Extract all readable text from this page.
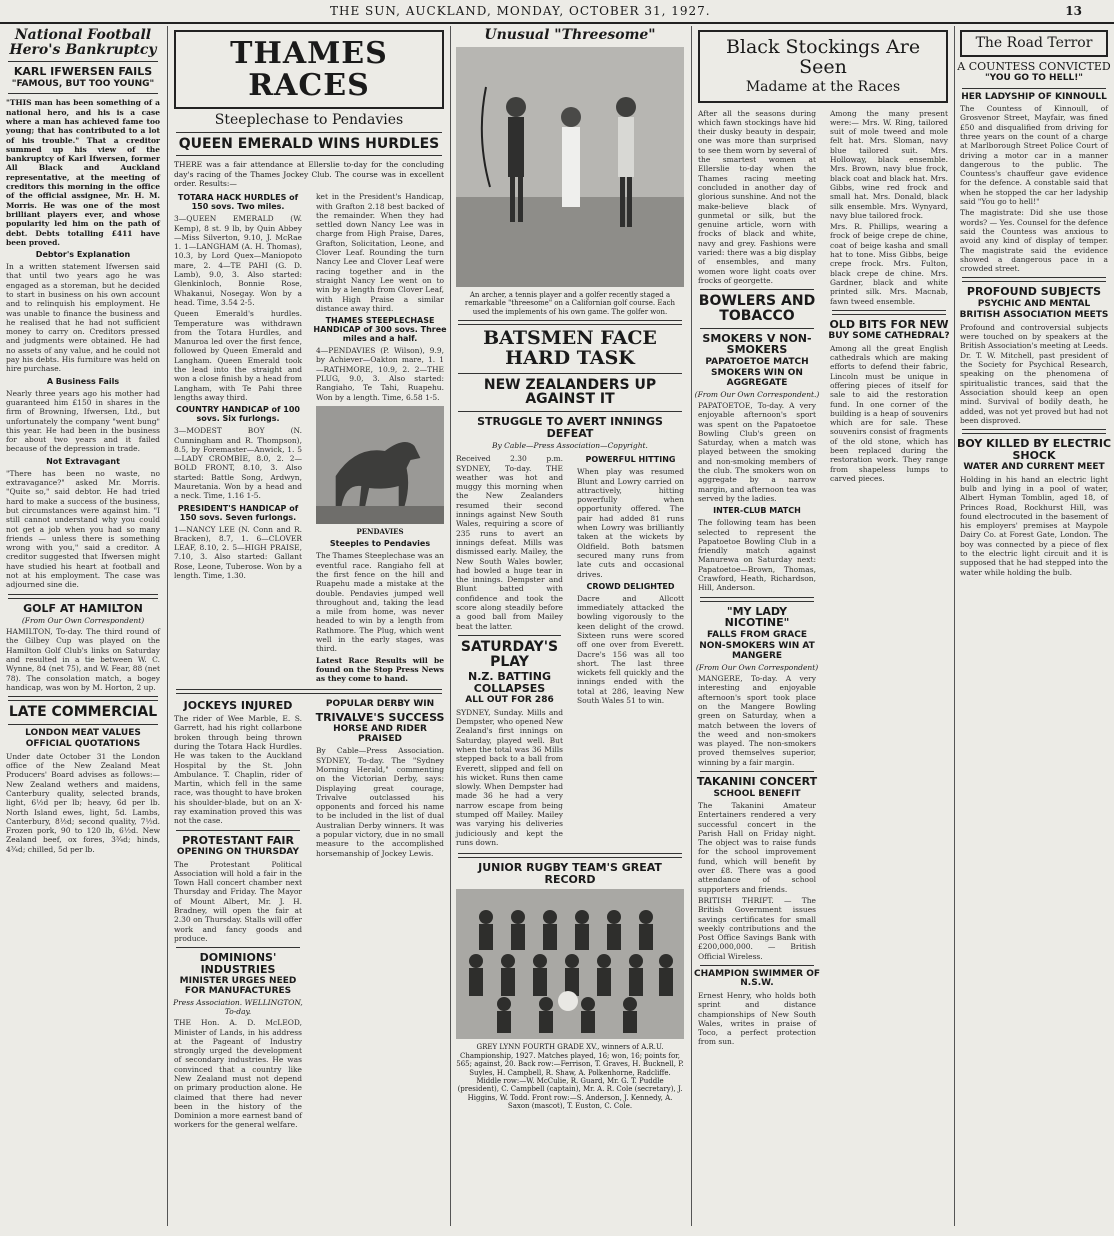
THE SUN, AUCKLAND, MONDAY, OCTOBER 31, 1927.	13
National Football Hero's Bankruptcy
KARL IFWERSEN FAILS
"FAMOUS, BUT TOO YOUNG"
"THIS man has been something of a national hero, and his is a case where a man has achieved fame too young; that has contributed to a lot of his trouble." That a creditor summed up his view of the bankruptcy of Karl Ifwersen, former All Black and Auckland representative, at the meeting of creditors this morning in the office of the official assignee, Mr. H. M. Morris. He was one of the most brilliant players ever, and whose popularity led him on the path of debt. Debts totalling £411 have been proved.
Debtor's Explanation
In a written statement Ifwersen said that until two years ago he was engaged as a storeman, but he decided to start in business on his own account and to relinquish his employment. He was unable to finance the business and he realised that he had not sufficient money to carry on. Creditors pressed and judgments were obtained. He had no assets of any value, and he could not pay his debts. His furniture was held on hire purchase.
A Business Fails
Nearly three years ago his mother had guaranteed him £150 in shares in the firm of Browning, Ifwersen, Ltd., but unfortunately the company "went bung" this year. He had been in the business for about two years and it failed because of the depression in trade.
Not Extravagant
"There has been no waste, no extravagance?" asked Mr. Morris. "Quite so," said debtor. He had tried hard to make a success of the business, but circumstances were against him. "I still cannot understand why you could not get a job when you had so many friends — unless there is something wrong with you," said a creditor. A creditor suggested that Ifwersen might have studied his heart at football and not at his employment. The case was adjourned sine die.
GOLF AT HAMILTON
(From Our Own Correspondent)
HAMILTON, To-day. The third round of the Gilbey Cup was played on the Hamilton Golf Club's links on Saturday and resulted in a tie between W. C. Wynne, 84 (net 75), and W. Fear, 88 (net 78). The consolation match, a bogey handicap, was won by M. Horton, 2 up.
LATE COMMERCIAL
LONDON MEAT VALUES
OFFICIAL QUOTATIONS
Under date October 31 the London office of the New Zealand Meat Producers' Board advises as follows:— New Zealand wethers and maidens, Canterbury quality, selected brands, light, 6½d per lb; heavy, 6d per lb. North Island ewes, light, 5d. Lambs, Canterbury, 8½d; second quality, 7½d. Frozen pork, 90 to 120 lb, 6½d. New Zealand beef, ox fores, 3¾d; hinds, 4¾d; chilled, 5d per lb.
THAMES RACES
Steeplechase to Pendavies
QUEEN EMERALD WINS HURDLES
THERE was a fair attendance at Ellerslie to-day for the concluding day's racing of the Thames Jockey Club. The course was in excellent order. Results:—
TOTARA HACK HURDLES of 150 sovs. Two miles.
3—QUEEN EMERALD (W. Kemp), 8 st. 9 lb, by Quin Abbey—Miss Silverton, 9.10, J. McRae 1. 1—LANGHAM (A. H. Thomas), 10.3, by Lord Quex—Maniopoto mare, 2. 4—TE PAHI (G. D. Lamb), 9.0, 3. Also started: Glenkinloch, Bonnie Rose, Whakanui, Nosegay. Won by a head. Time, 3.54 2-5.
Queen Emerald's hurdles. Temperature was withdrawn from the Totara Hurdles, and Manuroa led over the first fence, followed by Queen Emerald and Langham. Queen Emerald took the lead into the straight and won a close finish by a head from Langham, with Te Pahi three lengths away third.
COUNTRY HANDICAP of 100 sovs. Six furlongs.
3—MODEST BOY (N. Cunningham and R. Thompson), 8.5, by Foremaster—Anwick, 1. 5—LADY CROMBIE, 8.0, 2. 2—BOLD FRONT, 8.10, 3. Also started: Battle Song, Ardwyn, Mauretania. Won by a head and a neck. Time, 1.16 1-5.
PRESIDENT'S HANDICAP of 150 sovs. Seven furlongs.
1—NANCY LEE (N. Conn and R. Bracken), 8.7, 1. 6—CLOVER LEAF, 8.10, 2. 5—HIGH PRAISE, 7.10, 3. Also started: Gallant Rose, Leone, Tuberose. Won by a length. Time, 1.30.
ket in the President's Handicap, with Grafton 2.18 best backed of the remainder. When they had settled down Nancy Lee was in charge from High Praise, Dares, Grafton, Solicitation, Leone, and Clover Leaf. Rounding the turn Nancy Lee and Clover Leaf were racing together and in the straight Nancy Lee went on to win by a length from Clover Leaf, with High Praise a similar distance away third.
THAMES STEEPLECHASE HANDICAP of 300 sovs. Three miles and a half.
4—PENDAVIES (P. Wilson), 9.9, by Achiever—Oakton mare, 1. 1—RATHMORE, 10.9, 2. 2—THE PLUG, 9.0, 3. Also started: Rangiaho, Te Tahi, Ruapehu. Won by a length. Time, 6.58 1-5.
PENDAVIES
Steeples to Pendavies
The Thames Steeplechase was an eventful race. Rangiaho fell at the first fence on the hill and Ruapehu made a mistake at the double. Pendavies jumped well throughout and, taking the lead a mile from home, was never headed to win by a length from Rathmore. The Plug, which went well in the early stages, was third.
Latest Race Results will be found on the Stop Press News as they come to hand.
JOCKEYS INJURED
The rider of Wee Marble, E. S. Garrett, had his right collarbone broken through being thrown during the Totara Hack Hurdles. He was taken to the Auckland Hospital by the St. John Ambulance. T. Chaplin, rider of Martin, which fell in the same race, was thought to have broken his shoulder-blade, but on an X-ray examination proved this was not the case.
PROTESTANT FAIR
OPENING ON THURSDAY
The Protestant Political Association will hold a fair in the Town Hall concert chamber next Thursday and Friday. The Mayor of Mount Albert, Mr. J. H. Bradney, will open the fair at 2.30 on Thursday. Stalls will offer work and fancy goods and produce.
DOMINIONS' INDUSTRIES
MINISTER URGES NEED FOR MANUFACTURES
Press Association. WELLINGTON, To-day.
THE Hon. A. D. McLEOD, Minister of Lands, in his address at the Pageant of Industry strongly urged the development of secondary industries. He was convinced that a country like New Zealand must not depend on primary production alone. He claimed that there had never been in the history of the Dominion a more earnest band of workers for the general welfare.
POPULAR DERBY WIN
TRIVALVE'S SUCCESS
HORSE AND RIDER PRAISED
By Cable—Press Association. SYDNEY, To-day. The "Sydney Morning Herald," commenting on the Victorian Derby, says: Displaying great courage, Trivalve outclassed his opponents and forced his name to be included in the list of dual Australian Derby winners. It was a popular victory, due in no small measure to the accomplished horsemanship of Jockey Lewis.
Unusual "Threesome"
An archer, a tennis player and a golfer recently staged a remarkable "threesome" on a Californian golf course. Each used the implements of his own game. The golfer won.
BATSMEN FACE HARD TASK
NEW ZEALANDERS UP AGAINST IT
STRUGGLE TO AVERT INNINGS DEFEAT
By Cable—Press Association—Copyright.
Received 2.30 p.m. SYDNEY, To-day. THE weather was hot and muggy this morning when the New Zealanders resumed their second innings against New South Wales, requiring a score of 235 runs to avert an innings defeat. Mills was dismissed early. Mailey, the New South Wales bowler, had bowled a huge tear in the innings. Dempster and Blunt batted with confidence and took the score along steadily before a good ball from Mailey beat the latter.
SATURDAY'S PLAY
N.Z. BATTING COLLAPSES
ALL OUT FOR 286
SYDNEY, Sunday. Mills and Dempster, who opened New Zealand's first innings on Saturday, played well. But when the total was 36 Mills stepped back to a ball from Everett, slipped and fell on his wicket. Runs then came slowly. When Dempster had made 36 he had a very narrow escape from being stumped off Mailey. Mailey was varying his deliveries judiciously and kept the runs down.
POWERFUL HITTING
When play was resumed Blunt and Lowry carried on attractively, hitting powerfully when opportunity offered. The pair had added 81 runs when Lowry was brilliantly taken at the wickets by Oldfield. Both batsmen secured many runs from late cuts and occasional drives.
CROWD DELIGHTED
Dacre and Allcott immediately attacked the bowling vigorously to the keen delight of the crowd. Sixteen runs were scored off one over from Everett. Dacre's 156 was all too short. The last three wickets fell quickly and the innings ended with the total at 286, leaving New South Wales 51 to win.
JUNIOR RUGBY TEAM'S GREAT RECORD
GREY LYNN FOURTH GRADE XV., winners of A.R.U. Championship, 1927. Matches played, 16; won, 16; points for, 565; against, 20. Back row:—Ferrison, T. Graves, H. Bucknell, P. Suyles, H. Campbell, R. Shaw, A. Polkenhorne, Radcliffe. Middle row:—W. McCulie, R. Guard, Mr. G. T. Puddle (president), C. Campbell (captain), Mr. A. R. Cole (secretary), J. Higgins, W. Todd. Front row:—S. Anderson, J. Kennedy, A. Saxon (mascot), T. Euston, C. Cole.
Black Stockings Are Seen
Madame at the Races
After all the seasons during which fawn stockings have hid their dusky beauty in despair, one was more than surprised to see them worn by several of the smartest women at Ellerslie to-day when the Thames racing meeting concluded in another day of glorious sunshine. And not the make-believe black of gunmetal or silk, but the genuine article, worn with frocks of black and white, navy and grey. Fashions were varied: there was a big display of ensembles, and many women wore light coats over frocks of georgette.
BOWLERS AND TOBACCO
SMOKERS V NON-SMOKERS
PAPATOETOE MATCH
SMOKERS WIN ON AGGREGATE
(From Our Own Correspondent.)
PAPATOETOE, To-day. A very enjoyable afternoon's sport was spent on the Papatoetoe Bowling Club's green on Saturday, when a match was played between the smoking and non-smoking members of the club. The smokers won on aggregate by a narrow margin, and afternoon tea was served by the ladies.
INTER-CLUB MATCH
The following team has been selected to represent the Papatoetoe Bowling Club in a friendly match against Manurewa on Saturday next: Papatoetoe—Brown, Thomas, Crawford, Heath, Richardson, Hill, Anderson.
"MY LADY NICOTINE"
FALLS FROM GRACE
NON-SMOKERS WIN AT MANGERE
(From Our Own Correspondent)
MANGERE, To-day. A very interesting and enjoyable afternoon's sport took place on the Mangere Bowling green on Saturday, when a match between the lovers of the weed and non-smokers was played. The non-smokers proved themselves superior, winning by a fair margin.
TAKANINI CONCERT
SCHOOL BENEFIT
The Takanini Amateur Entertainers rendered a very successful concert in the Parish Hall on Friday night. The object was to raise funds for the school improvement fund, which will benefit by over £8. There was a good attendance of school supporters and friends.
BRITISH THRIFT. — The British Government issues savings certificates for small weekly contributions and the Post Office Savings Bank with £200,000,000. — British Official Wireless.
CHAMPION SWIMMER OF N.S.W.
Ernest Henry, who holds both sprint and distance championships of New South Wales, writes in praise of Toco, a perfect protection from sun.
Among the many present were:— Mrs. W. Ring, tailored suit of mole tweed and mole felt hat. Mrs. Sloman, navy blue tailored suit. Mrs. Holloway, black ensemble. Mrs. Brown, navy blue frock, black coat and black hat. Mrs. Gibbs, wine red frock and small hat. Mrs. Donald, black silk ensemble. Mrs. Wynyard, navy blue tailored frock.
Mrs. R. Phillips, wearing a frock of beige crepe de chine, coat of beige kasha and small hat to tone. Miss Gibbs, beige crepe frock. Mrs. Fulton, black crepe de chine. Mrs. Gardner, black and white printed silk. Mrs. Macnab, fawn tweed ensemble.
OLD BITS FOR NEW
BUY SOME CATHEDRAL?
Among all the great English cathedrals which are making efforts to defend their fabric, Lincoln must be unique in offering pieces of itself for sale to aid the restoration fund. In one corner of the building is a heap of souvenirs which are for sale. These souvenirs consist of fragments of the old stone, which has been replaced during the restoration work. They range from shapeless lumps to carved pieces.
The Road Terror
A COUNTESS CONVICTED
"YOU GO TO HELL!"
HER LADYSHIP OF KINNOULL
The Countess of Kinnoull, of Grosvenor Street, Mayfair, was fined £50 and disqualified from driving for three years on the count of a charge at Marlborough Street Police Court of driving a motor car in a manner dangerous to the public. The Countess's chauffeur gave evidence for the defence. A constable said that when he stopped the car her ladyship said "You go to hell!"
The magistrate: Did she use those words? — Yes. Counsel for the defence said the Countess was anxious to avoid any kind of display of temper. The magistrate said the evidence showed a dangerous pace in a crowded street.
PROFOUND SUBJECTS
PSYCHIC AND MENTAL
BRITISH ASSOCIATION MEETS
Profound and controversial subjects were touched on by speakers at the British Association's meeting at Leeds. Dr. T. W. Mitchell, past president of the Society for Psychical Research, speaking on the phenomena of spiritualistic trances, said that the Association should keep an open mind. Survival of bodily death, he added, was not yet proved but had not been disproved.
BOY KILLED BY ELECTRIC SHOCK
WATER AND CURRENT MEET
Holding in his hand an electric light bulb and lying in a pool of water, Albert Hyman Tomblin, aged 18, of Princes Road, Rockhurst Hill, was found electrocuted in the basement of his employers' premises at Maypole Dairy Co. at Forest Gate, London. The boy was connected by a piece of flex to the electric light circuit and it is supposed that he had stepped into the water while holding the bulb.
